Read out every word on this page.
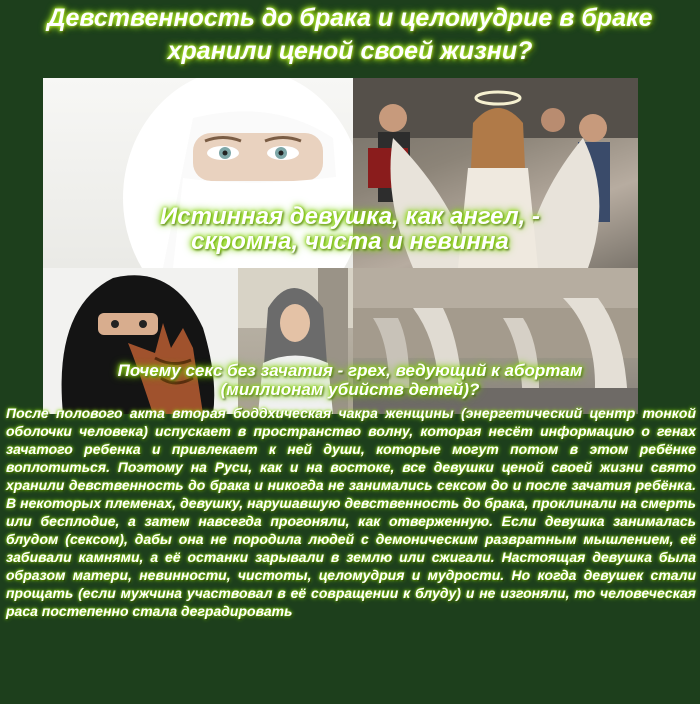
Девственность до брака и целомудрие в браке хранили ценой своей жизни?

Истинная девушка, как ангел, - скромна, чиста и невинна

Почему секс без зачатия - грех, ведующий к абортам (миллионам убийств детей)?

После полового акта вторая боддхическая чакра женщины (энергетический центр тонкой оболочки человека) испускает в пространство волну, которая несёт информацию о генах зачатого ребенка и привлекает к ней души, которые могут потом в этом ребёнке воплотиться. Поэтому на Руси, как и на востоке, все девушки ценой своей жизни свято хранили девственность до брака и никогда не занимались сексом до и после зачатия ребёнка. В некоторых племенах, девушку, нарушавшую девственность до брака, проклинали на смерть или бесплодие, а затем навсегда прогоняли, как отверженную. Если девушка занималась блудом (сексом), дабы она не породила людей с демоническим развратным мышлением, её забивали камнями, а её останки зарывали в землю или сжигали. Настоящая девушка была образом матери, невинности, чистоты, целомудрия и мудрости. Но когда девушек стали прощать (если мужчина участвовал в её совращении к блуду) и не изгоняли, то человеческая раса постепенно стала деградировать
